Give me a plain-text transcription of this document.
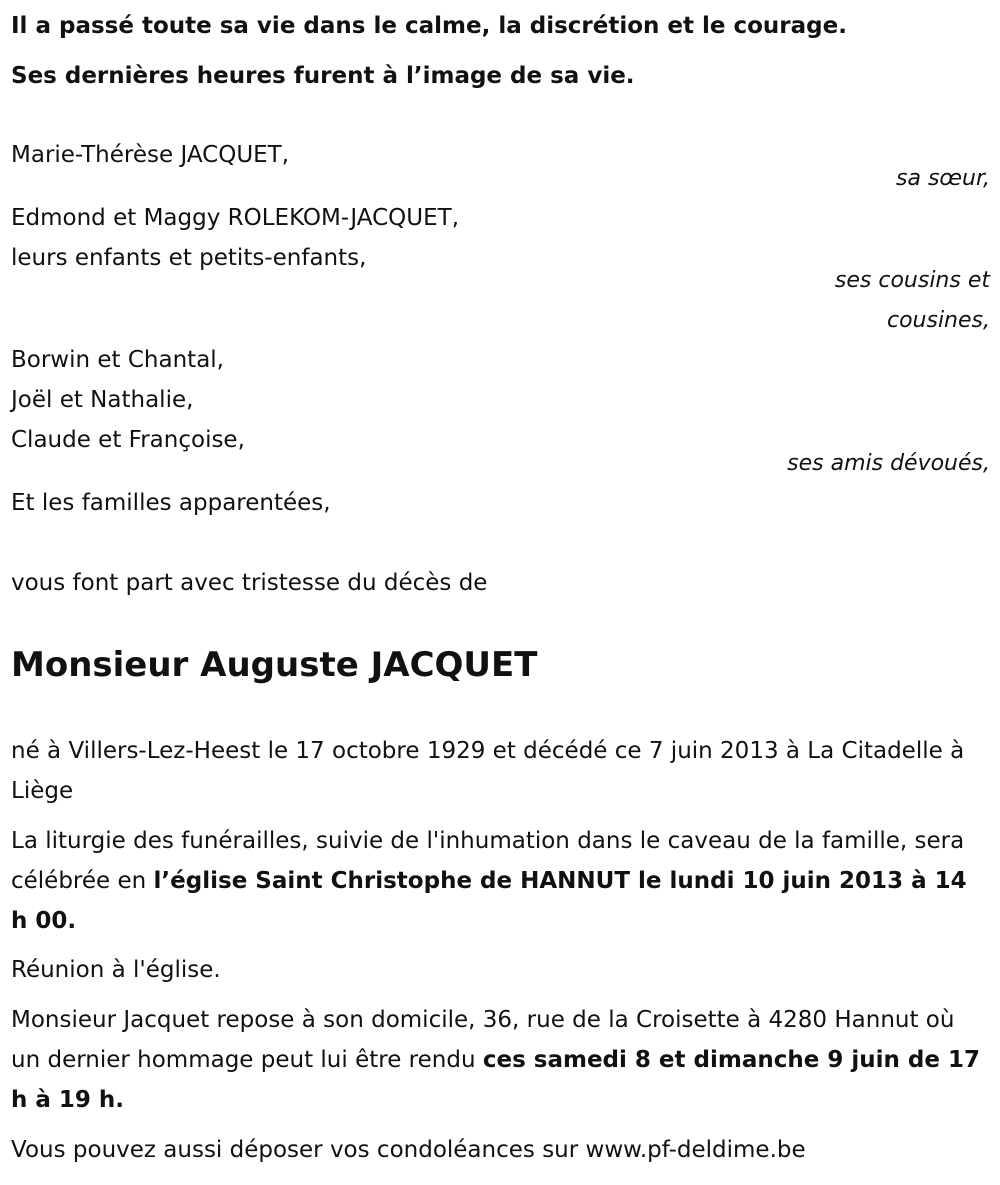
Il a passé toute sa vie dans le calme, la discrétion et le courage.
Ses dernières heures furent à l’image de sa vie.
Marie-Thérèse JACQUET,
sa sœur,
Edmond et Maggy ROLEKOM-JACQUET,
leurs enfants et petits-enfants,
ses cousins et
cousines,
Borwin et Chantal,
Joël et Nathalie,
Claude et Françoise,
ses amis dévoués,
Et les familles apparentées,
vous font part avec tristesse du décès de
Monsieur Auguste JACQUET
né à Villers-Lez-Heest le 17 octobre 1929 et décédé ce 7 juin 2013 à La Citadelle à Liège
La liturgie des funérailles, suivie de l'inhumation dans le caveau de la famille, sera célébrée en l’église Saint Christophe de HANNUT le lundi 10 juin 2013 à 14 h 00.
Réunion à l'église.
Monsieur Jacquet repose à son domicile, 36, rue de la Croisette à 4280 Hannut où un dernier hommage peut lui être rendu ces samedi 8 et dimanche 9 juin de 17 h à 19 h.
Vous pouvez aussi déposer vos condoléances sur www.pf-deldime.be
